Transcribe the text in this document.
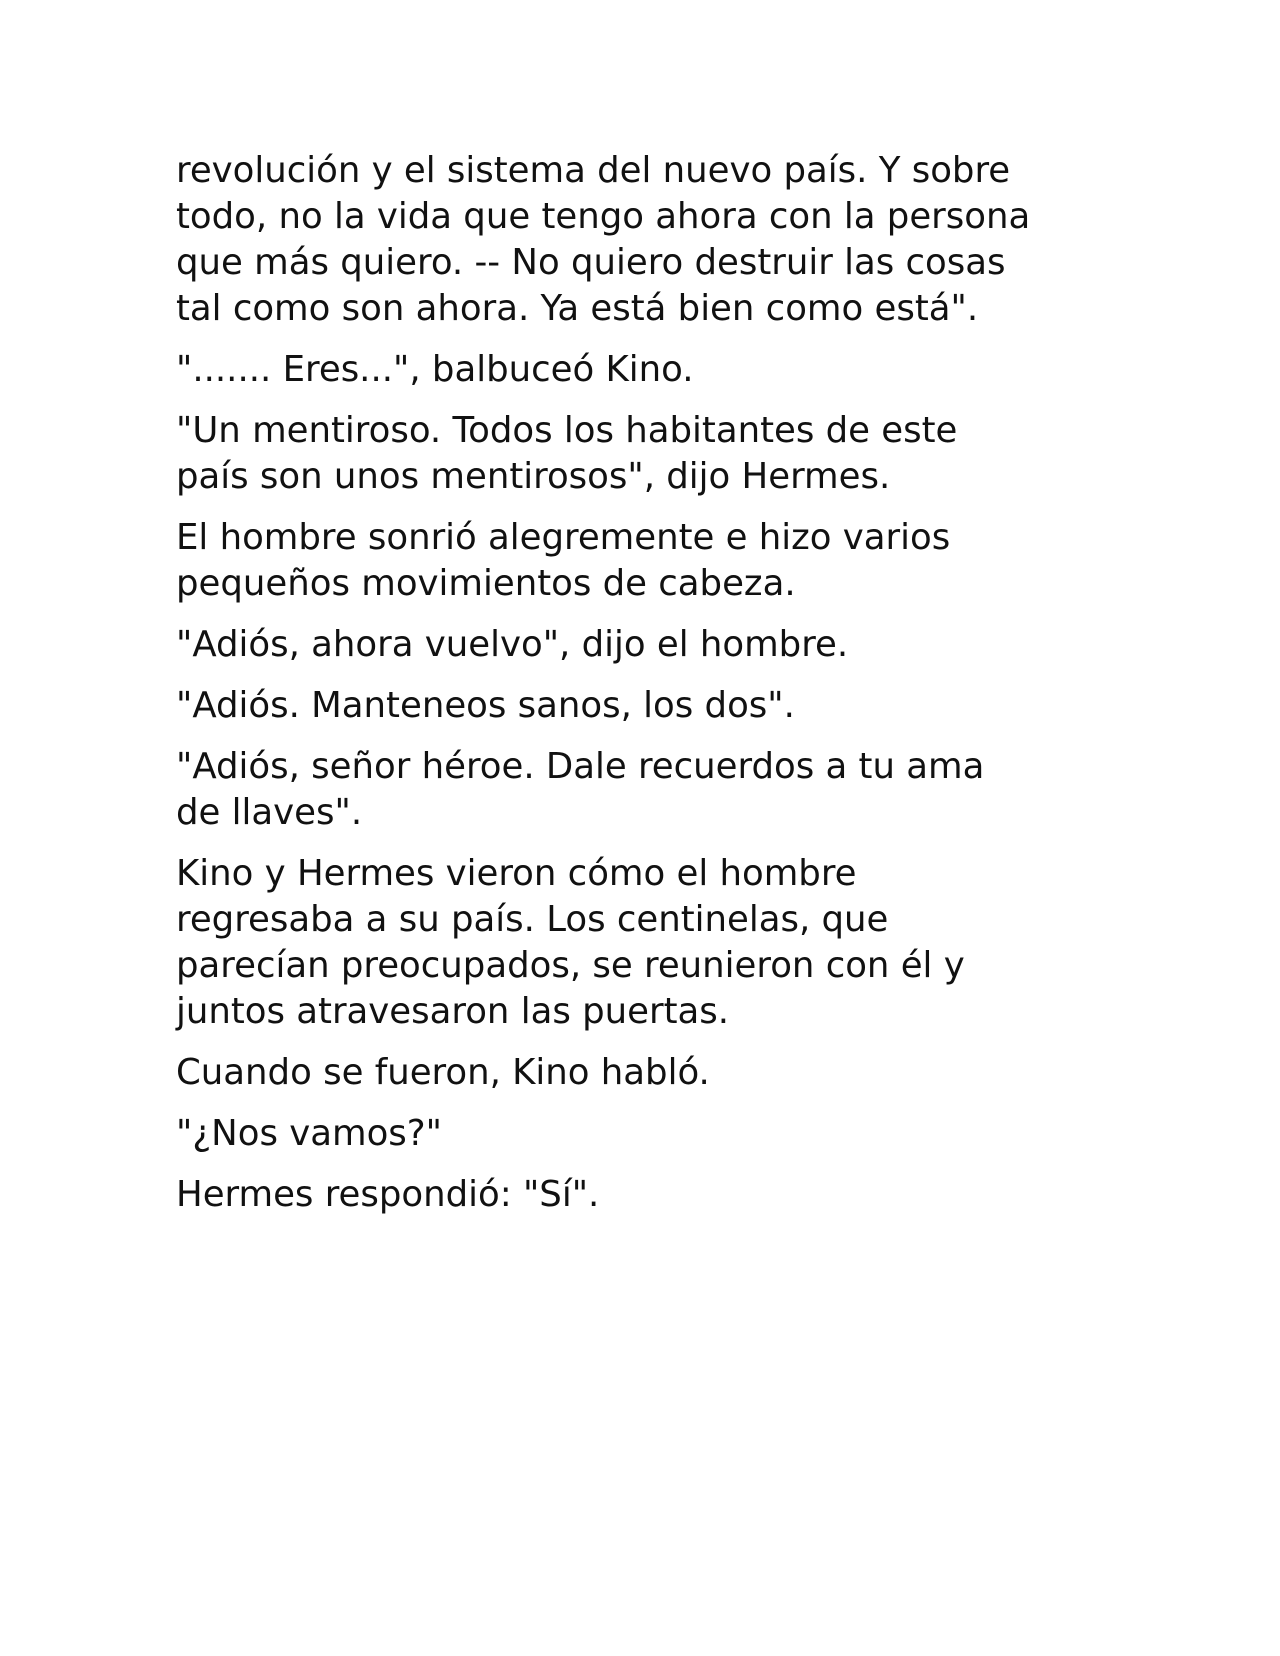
revolución y el sistema del nuevo país. Y sobre
todo, no la vida que tengo ahora con la persona
que más quiero. -- No quiero destruir las cosas
tal como son ahora. Ya está bien como está".

"....... Eres...", balbuceó Kino.

"Un mentiroso. Todos los habitantes de este
país son unos mentirosos", dijo Hermes.

El hombre sonrió alegremente e hizo varios
pequeños movimientos de cabeza.

"Adiós, ahora vuelvo", dijo el hombre.

"Adiós. Manteneos sanos, los dos".

"Adiós, señor héroe. Dale recuerdos a tu ama
de llaves".

Kino y Hermes vieron cómo el hombre
regresaba a su país. Los centinelas, que
parecían preocupados, se reunieron con él y
juntos atravesaron las puertas.

Cuando se fueron, Kino habló.

"¿Nos vamos?"

Hermes respondió: "Sí".
